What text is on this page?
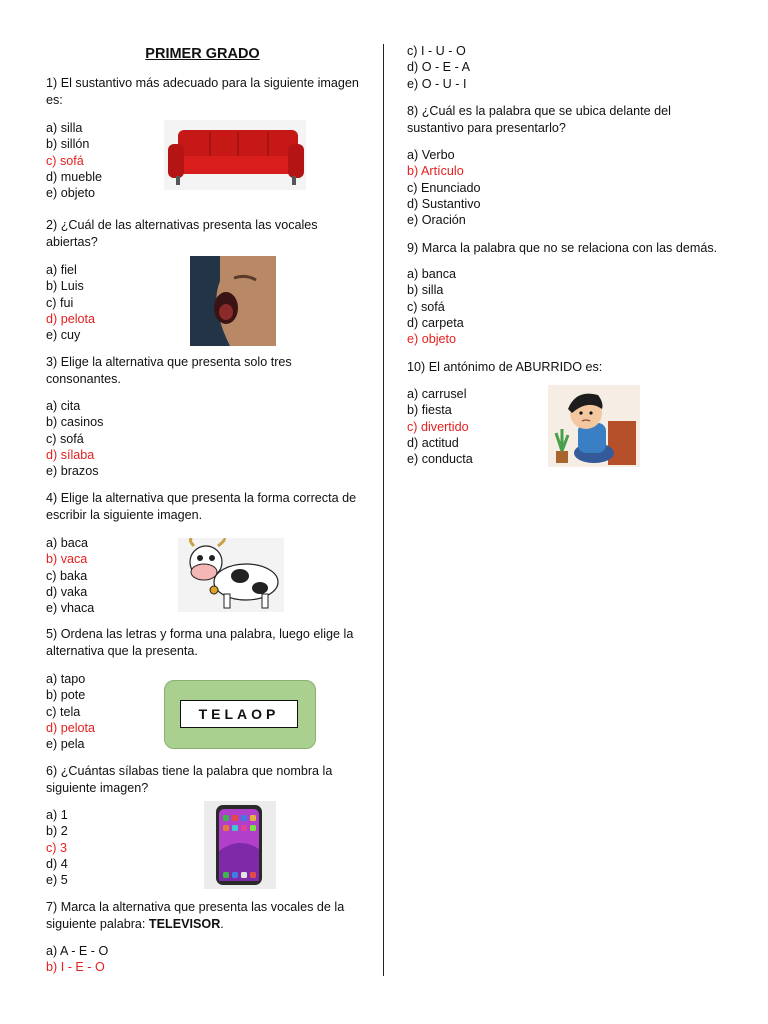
PRIMER GRADO
1) El sustantivo más adecuado para la siguiente imagen es:
a) silla
b) sillón
c) sofá
d) mueble
e) objeto
2) ¿Cuál de las alternativas presenta las vocales abiertas?
a) fiel
b) Luis
c) fui
d) pelota
e) cuy
3) Elige la alternativa que presenta solo tres consonantes.
a) cita
b) casinos
c) sofá
d) sílaba
e) brazos
4) Elige la alternativa que presenta la forma correcta de escribir la siguiente imagen.
a) baca
b) vaca
c) baka
d) vaka
e) vhaca
5) Ordena las letras y forma una palabra, luego elige la alternativa que la presenta.
a) tapo
b) pote
c) tela
d) pelota
e) pela
TELAOP
6) ¿Cuántas sílabas tiene la palabra que nombra la siguiente imagen?
a) 1
b) 2
c) 3
d) 4
e) 5
7) Marca la alternativa que presenta las vocales de la siguiente palabra: TELEVISOR.
a) A - E - O
b) I - E - O
c) I - U - O
d) O - E - A
e) O - U - I
8) ¿Cuál es la palabra que se ubica delante del sustantivo para presentarlo?
a) Verbo
b) Artículo
c) Enunciado
d) Sustantivo
e) Oración
9) Marca la palabra que no se relaciona con las demás.
a) banca
b) silla
c) sofá
d) carpeta
e) objeto
10) El antónimo de ABURRIDO es:
a) carrusel
b) fiesta
c) divertido
d) actitud
e) conducta
